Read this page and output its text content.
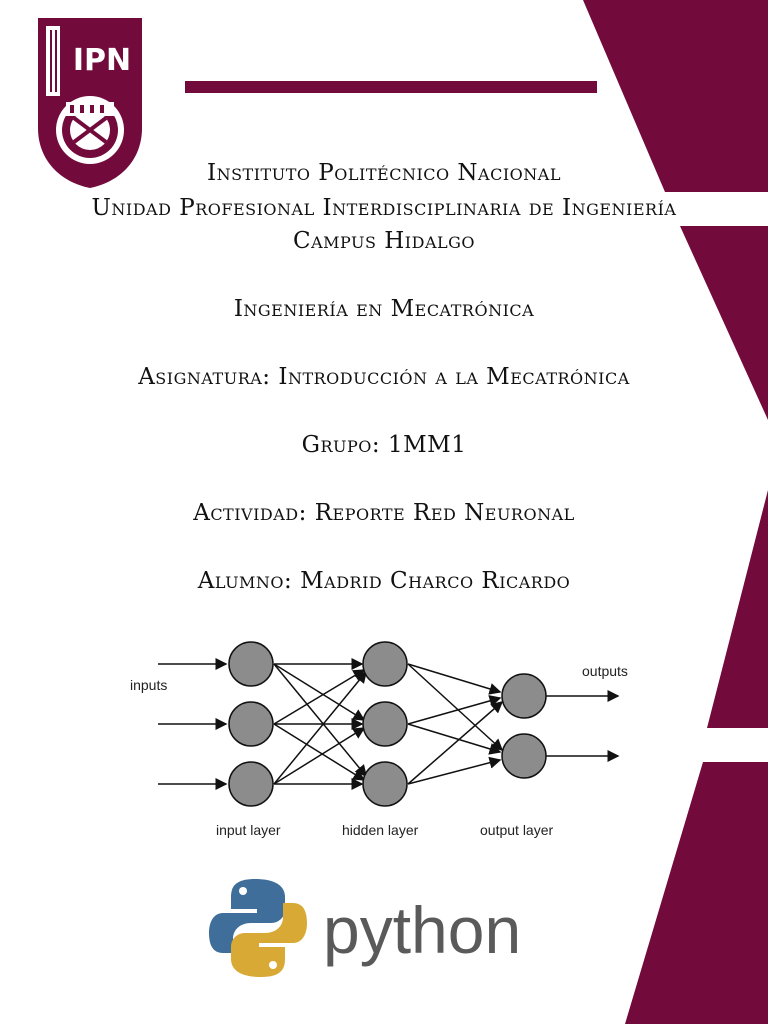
IPN
Instituto Politécnico Nacional
Unidad Profesional Interdisciplinaria de Ingeniería
Campus Hidalgo
Ingeniería en Mecatrónica
Asignatura: Introducción a la Mecatrónica
Grupo: 1MM1
Actividad: Reporte Red Neuronal
Alumno: Madrid Charco Ricardo
inputs
outputs
input layer	hidden layer	output layer
python
